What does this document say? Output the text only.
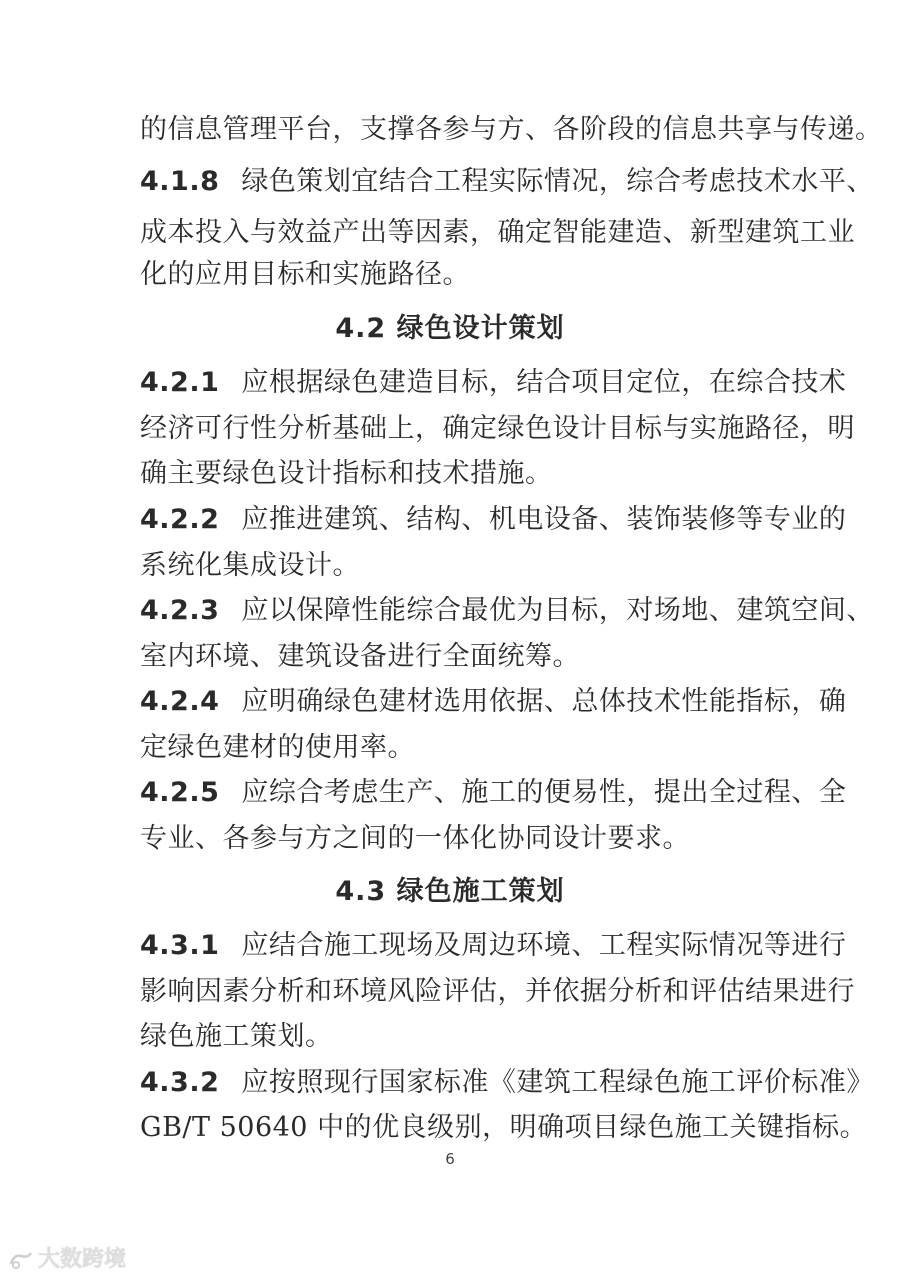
的信息管理平台，支撑各参与方、各阶段的信息共享与传递。

4.1.8 绿色策划宜结合工程实际情况，综合考虑技术水平、

成本投入与效益产出等因素，确定智能建造、新型建筑工业

化的应用目标和实施路径。

4.2 绿色设计策划

4.2.1 应根据绿色建造目标，结合项目定位，在综合技术

经济可行性分析基础上，确定绿色设计目标与实施路径，明

确主要绿色设计指标和技术措施。

4.2.2 应推进建筑、结构、机电设备、装饰装修等专业的

系统化集成设计。

4.2.3 应以保障性能综合最优为目标，对场地、建筑空间、

室内环境、建筑设备进行全面统筹。

4.2.4 应明确绿色建材选用依据、总体技术性能指标，确

定绿色建材的使用率。

4.2.5 应综合考虑生产、施工的便易性，提出全过程、全

专业、各参与方之间的一体化协同设计要求。

4.3 绿色施工策划

4.3.1 应结合施工现场及周边环境、工程实际情况等进行

影响因素分析和环境风险评估，并依据分析和评估结果进行

绿色施工策划。

4.3.2 应按照现行国家标准《建筑工程绿色施工评价标准》

GB/T 50640 中的优良级别，明确项目绿色施工关键指标。

6
大数跨境
